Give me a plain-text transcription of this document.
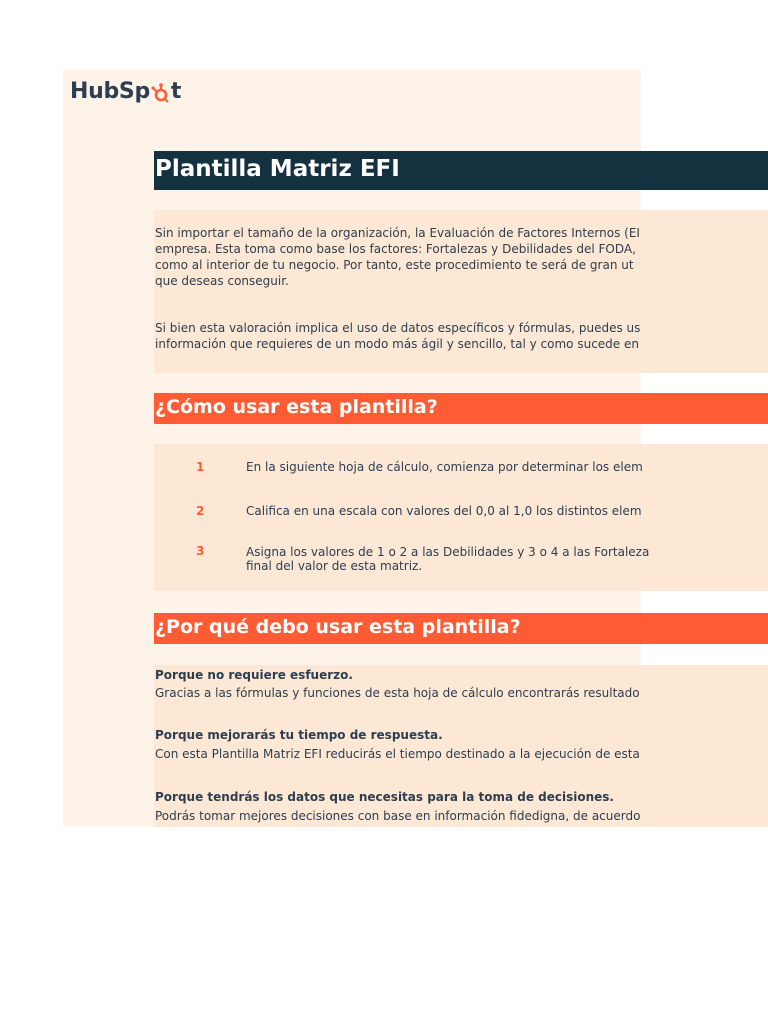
HubSp t
Plantilla Matriz EFI

Sin importar el tamaño de la organización, la Evaluación de Factores Internos (EI
empresa. Esta toma como base los factores: Fortalezas y Debilidades del FODA,
como al interior de tu negocio. Por tanto, este procedimiento te será de gran ut
que deseas conseguir.

Si bien esta valoración implica el uso de datos específicos y fórmulas, puedes us
información que requieres de un modo más ágil y sencillo, tal y como sucede en

¿Cómo usar esta plantilla?
1	En la siguiente hoja de cálculo, comienza por determinar los elem

2	Califica en una escala con valores del 0,0 al 1,0 los distintos elem

3	Asigna los valores de 1 o 2 a las Debilidades y 3 o 4 a las Fortaleza
final del valor de esta matriz.

¿Por qué debo usar esta plantilla?
Porque no requiere esfuerzo.
Gracias a las fórmulas y funciones de esta hoja de cálculo encontrarás resultado
Porque mejorarás tu tiempo de respuesta.
Con esta Plantilla Matriz EFI reducirás el tiempo destinado a la ejecución de esta
Porque tendrás los datos que necesitas para la toma de decisiones.
Podrás tomar mejores decisiones con base en información fidedigna, de acuerdo
